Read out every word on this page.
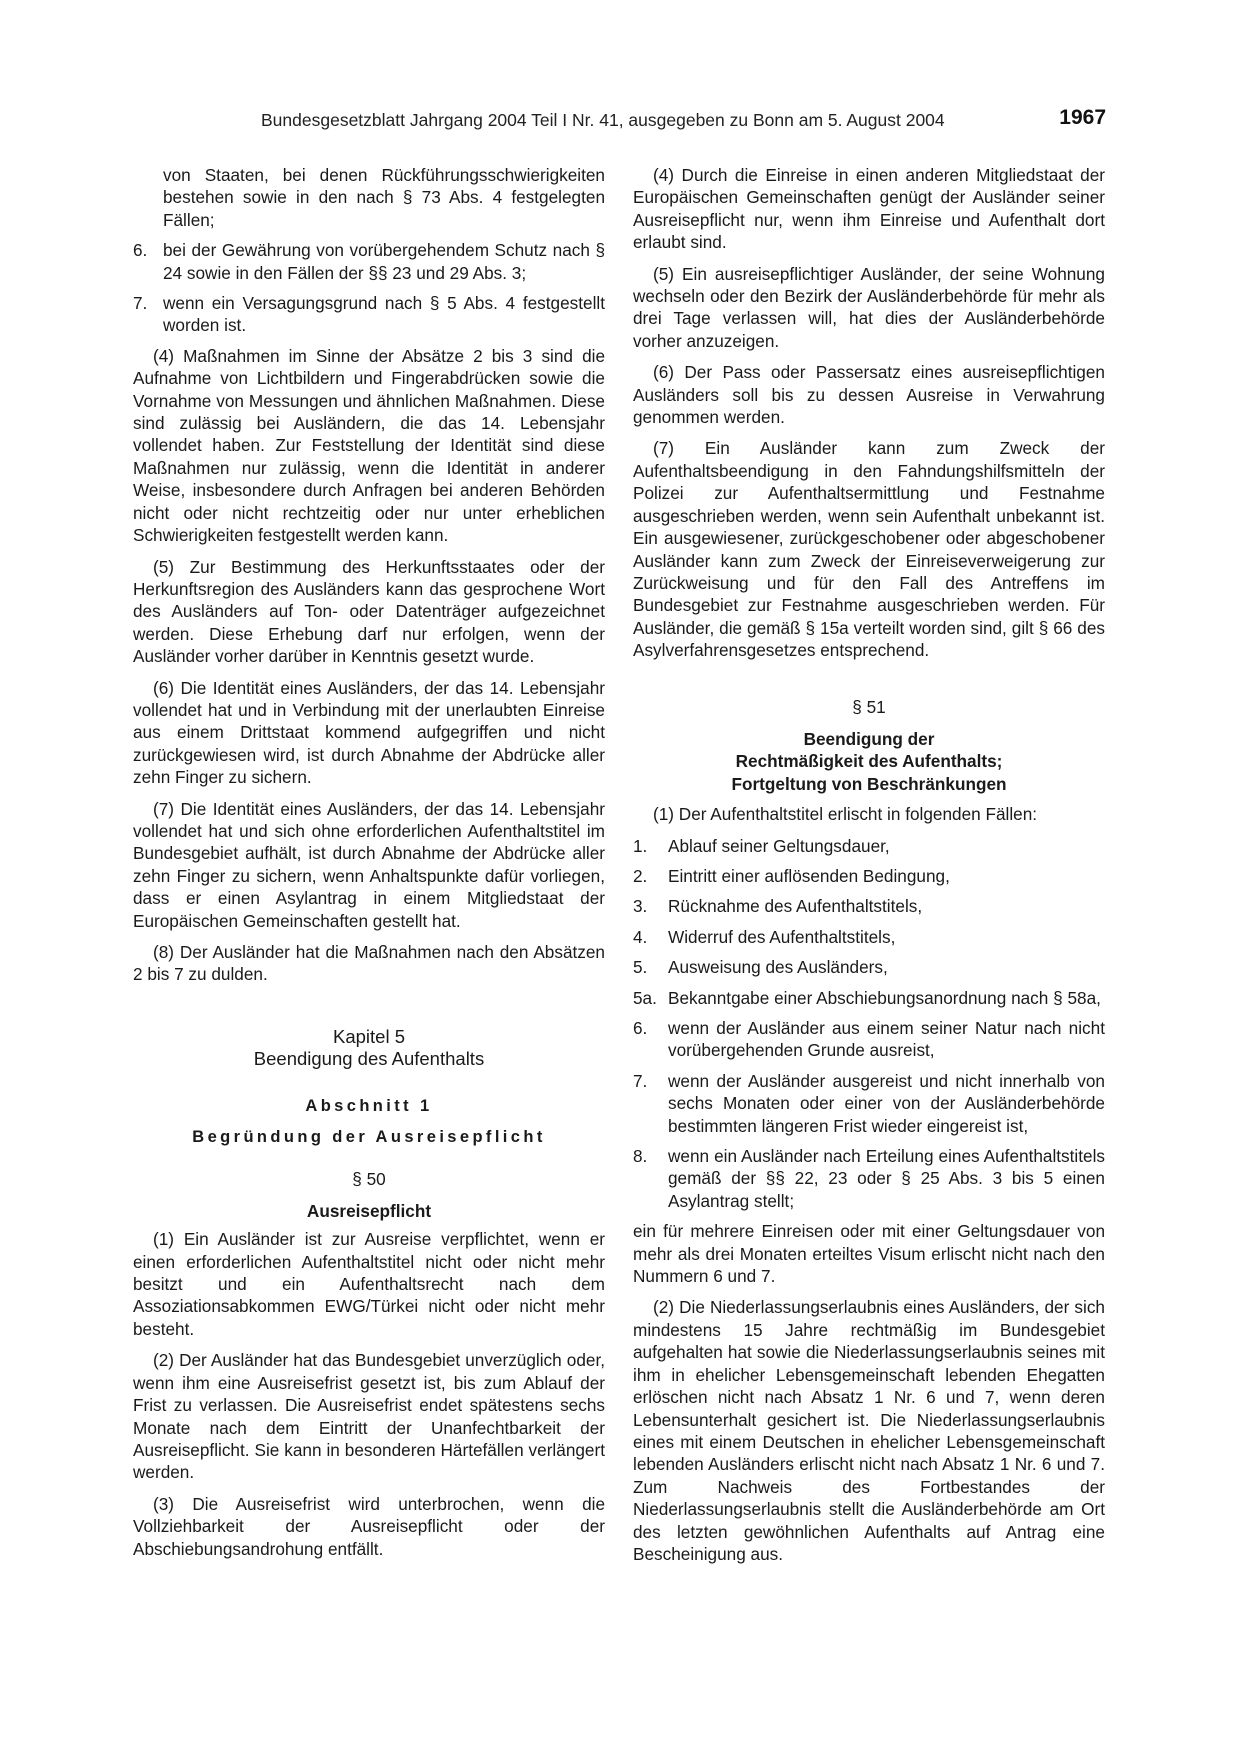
Bundesgesetzblatt Jahrgang 2004 Teil I Nr. 41, ausgegeben zu Bonn am 5. August 2004	1967

von Staaten, bei denen Rückführungsschwierigkeiten bestehen sowie in den nach § 73 Abs. 4 festgelegten Fällen;

6. bei der Gewährung von vorübergehendem Schutz nach § 24 sowie in den Fällen der §§ 23 und 29 Abs. 3;
7. wenn ein Versagungsgrund nach § 5 Abs. 4 festgestellt worden ist.

(4) Maßnahmen im Sinne der Absätze 2 bis 3 sind die Aufnahme von Lichtbildern und Fingerabdrücken sowie die Vornahme von Messungen und ähnlichen Maßnahmen. Diese sind zulässig bei Ausländern, die das 14. Lebensjahr vollendet haben. Zur Feststellung der Identität sind diese Maßnahmen nur zulässig, wenn die Identität in anderer Weise, insbesondere durch Anfragen bei anderen Behörden nicht oder nicht rechtzeitig oder nur unter erheblichen Schwierigkeiten festgestellt werden kann.

(5) Zur Bestimmung des Herkunftsstaates oder der Herkunftsregion des Ausländers kann das gesprochene Wort des Ausländers auf Ton- oder Datenträger aufgezeichnet werden. Diese Erhebung darf nur erfolgen, wenn der Ausländer vorher darüber in Kenntnis gesetzt wurde.

(6) Die Identität eines Ausländers, der das 14. Lebensjahr vollendet hat und in Verbindung mit der unerlaubten Einreise aus einem Drittstaat kommend aufgegriffen und nicht zurückgewiesen wird, ist durch Abnahme der Abdrücke aller zehn Finger zu sichern.

(7) Die Identität eines Ausländers, der das 14. Lebensjahr vollendet hat und sich ohne erforderlichen Aufenthaltstitel im Bundesgebiet aufhält, ist durch Abnahme der Abdrücke aller zehn Finger zu sichern, wenn Anhaltspunkte dafür vorliegen, dass er einen Asylantrag in einem Mitgliedstaat der Europäischen Gemeinschaften gestellt hat.

(8) Der Ausländer hat die Maßnahmen nach den Absätzen 2 bis 7 zu dulden.

Kapitel 5

Beendigung des Aufenthalts

Abschnitt 1

Begründung der Ausreisepflicht

§ 50

Ausreisepflicht

(1) Ein Ausländer ist zur Ausreise verpflichtet, wenn er einen erforderlichen Aufenthaltstitel nicht oder nicht mehr besitzt und ein Aufenthaltsrecht nach dem Assoziationsabkommen EWG/Türkei nicht oder nicht mehr besteht.

(2) Der Ausländer hat das Bundesgebiet unverzüglich oder, wenn ihm eine Ausreisefrist gesetzt ist, bis zum Ablauf der Frist zu verlassen. Die Ausreisefrist endet spätestens sechs Monate nach dem Eintritt der Unanfechtbarkeit der Ausreisepflicht. Sie kann in besonderen Härtefällen verlängert werden.

(3) Die Ausreisefrist wird unterbrochen, wenn die Vollziehbarkeit der Ausreisepflicht oder der Abschiebungsandrohung entfällt.

(4) Durch die Einreise in einen anderen Mitgliedstaat der Europäischen Gemeinschaften genügt der Ausländer seiner Ausreisepflicht nur, wenn ihm Einreise und Aufenthalt dort erlaubt sind.

(5) Ein ausreisepflichtiger Ausländer, der seine Wohnung wechseln oder den Bezirk der Ausländerbehörde für mehr als drei Tage verlassen will, hat dies der Ausländerbehörde vorher anzuzeigen.

(6) Der Pass oder Passersatz eines ausreisepflichtigen Ausländers soll bis zu dessen Ausreise in Verwahrung genommen werden.

(7) Ein Ausländer kann zum Zweck der Aufenthaltsbeendigung in den Fahndungshilfsmitteln der Polizei zur Aufenthaltsermittlung und Festnahme ausgeschrieben werden, wenn sein Aufenthalt unbekannt ist. Ein ausgewiesener, zurückgeschobener oder abgeschobener Ausländer kann zum Zweck der Einreiseverweigerung zur Zurückweisung und für den Fall des Antreffens im Bundesgebiet zur Festnahme ausgeschrieben werden. Für Ausländer, die gemäß § 15a verteilt worden sind, gilt § 66 des Asylverfahrensgesetzes entsprechend.

§ 51

Beendigung der

Rechtmäßigkeit des Aufenthalts;

Fortgeltung von Beschränkungen

(1) Der Aufenthaltstitel erlischt in folgenden Fällen:

1. Ablauf seiner Geltungsdauer,
2. Eintritt einer auflösenden Bedingung,
3. Rücknahme des Aufenthaltstitels,
4. Widerruf des Aufenthaltstitels,
5. Ausweisung des Ausländers,
5a. Bekanntgabe einer Abschiebungsanordnung nach § 58a,
6. wenn der Ausländer aus einem seiner Natur nach nicht vorübergehenden Grunde ausreist,
7. wenn der Ausländer ausgereist und nicht innerhalb von sechs Monaten oder einer von der Ausländerbehörde bestimmten längeren Frist wieder eingereist ist,
8. wenn ein Ausländer nach Erteilung eines Aufenthaltstitels gemäß der §§ 22, 23 oder § 25 Abs. 3 bis 5 einen Asylantrag stellt;

ein für mehrere Einreisen oder mit einer Geltungsdauer von mehr als drei Monaten erteiltes Visum erlischt nicht nach den Nummern 6 und 7.

(2) Die Niederlassungserlaubnis eines Ausländers, der sich mindestens 15 Jahre rechtmäßig im Bundesgebiet aufgehalten hat sowie die Niederlassungserlaubnis seines mit ihm in ehelicher Lebensgemeinschaft lebenden Ehegatten erlöschen nicht nach Absatz 1 Nr. 6 und 7, wenn deren Lebensunterhalt gesichert ist. Die Niederlassungserlaubnis eines mit einem Deutschen in ehelicher Lebensgemeinschaft lebenden Ausländers erlischt nicht nach Absatz 1 Nr. 6 und 7. Zum Nachweis des Fortbestandes der Niederlassungserlaubnis stellt die Ausländerbehörde am Ort des letzten gewöhnlichen Aufenthalts auf Antrag eine Bescheinigung aus.
